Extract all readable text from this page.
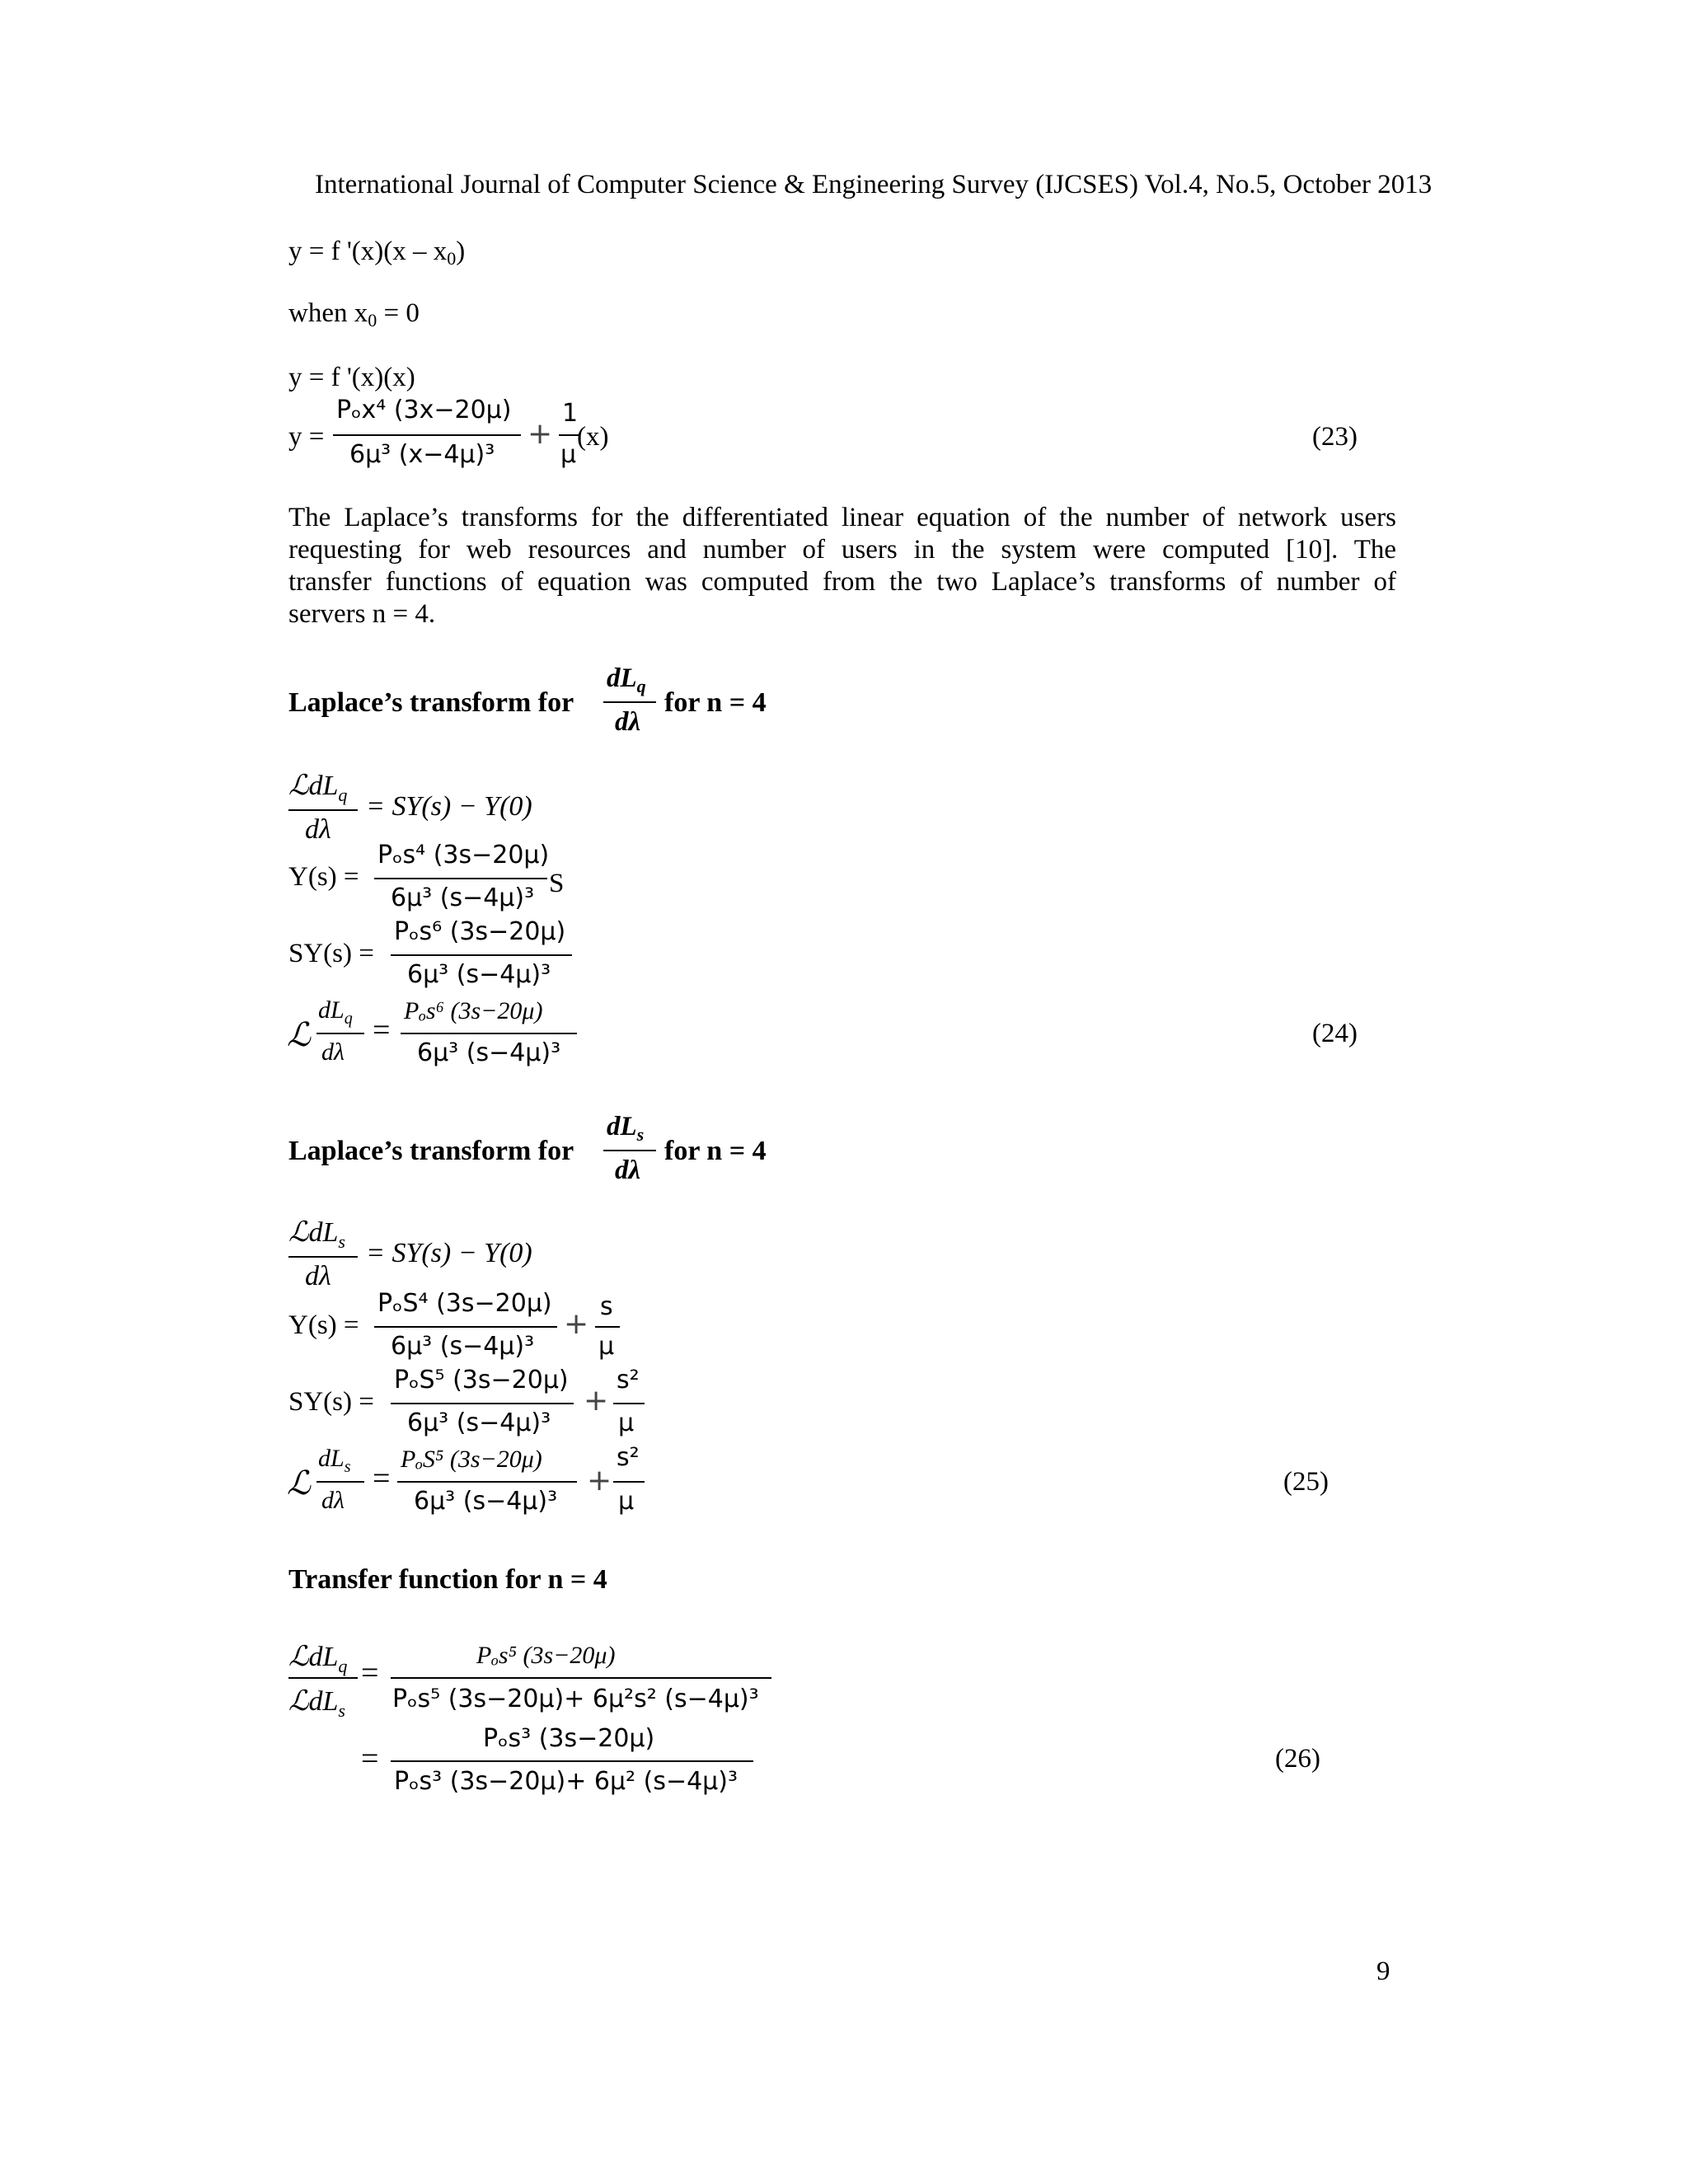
International Journal of Computer Science & Engineering Survey (IJCSES) Vol.4, No.5, October 2013
y = f '(x)(x – x0)
when x0 = 0
y = f '(x)(x)
y =
Pₒx⁴ (3x−20μ)
6μ³ (x−4μ)³
+
1
μ
(x)	(23)
The Laplace’s transforms for the differentiated linear equation of the number of network users
requesting for web resources and number of users in the system were computed [10]. The
transfer functions of equation was computed from the two Laplace’s transforms of number of
servers n = 4.
Laplace’s transform for
$dL_q$
dλ
for n = 4
ℒdL$_q$
dλ
= SY(s) − Y(0)
Y(s) =
Pₒs⁴ (3s−20μ)
6μ³ (s−4μ)³ S
SY(s) =
Pₒs⁶ (3s−20μ)
6μ³ (s−4μ)³
ℒ
$dL_q$
dλ
=
Pₒs⁶ (3s−20μ)
6μ³ (s−4μ)³
(24)
Laplace’s transform for
$dL_s$
dλ
for n = 4
ℒdL$_s$
dλ
= SY(s) − Y(0)
Y(s) =
PₒS⁴ (3s−20μ)
6μ³ (s−4μ)³
+
s
μ
SY(s) =
PₒS⁵ (3s−20μ)
6μ³ (s−4μ)³
+
s²
μ
ℒ
$dL_s$
dλ
=
PₒS⁵ (3s−20μ)
6μ³ (s−4μ)³
+
s²
μ
(25)
Transfer function for n = 4
ℒdL$_q$
ℒdL$_s$
=
Pₒs⁵ (3s−20μ)
Pₒs⁵ (3s−20μ)+ 6μ²s² (s−4μ)³
=
Pₒs³ (3s−20μ)
Pₒs³ (3s−20μ)+ 6μ² (s−4μ)³
(26)
9
